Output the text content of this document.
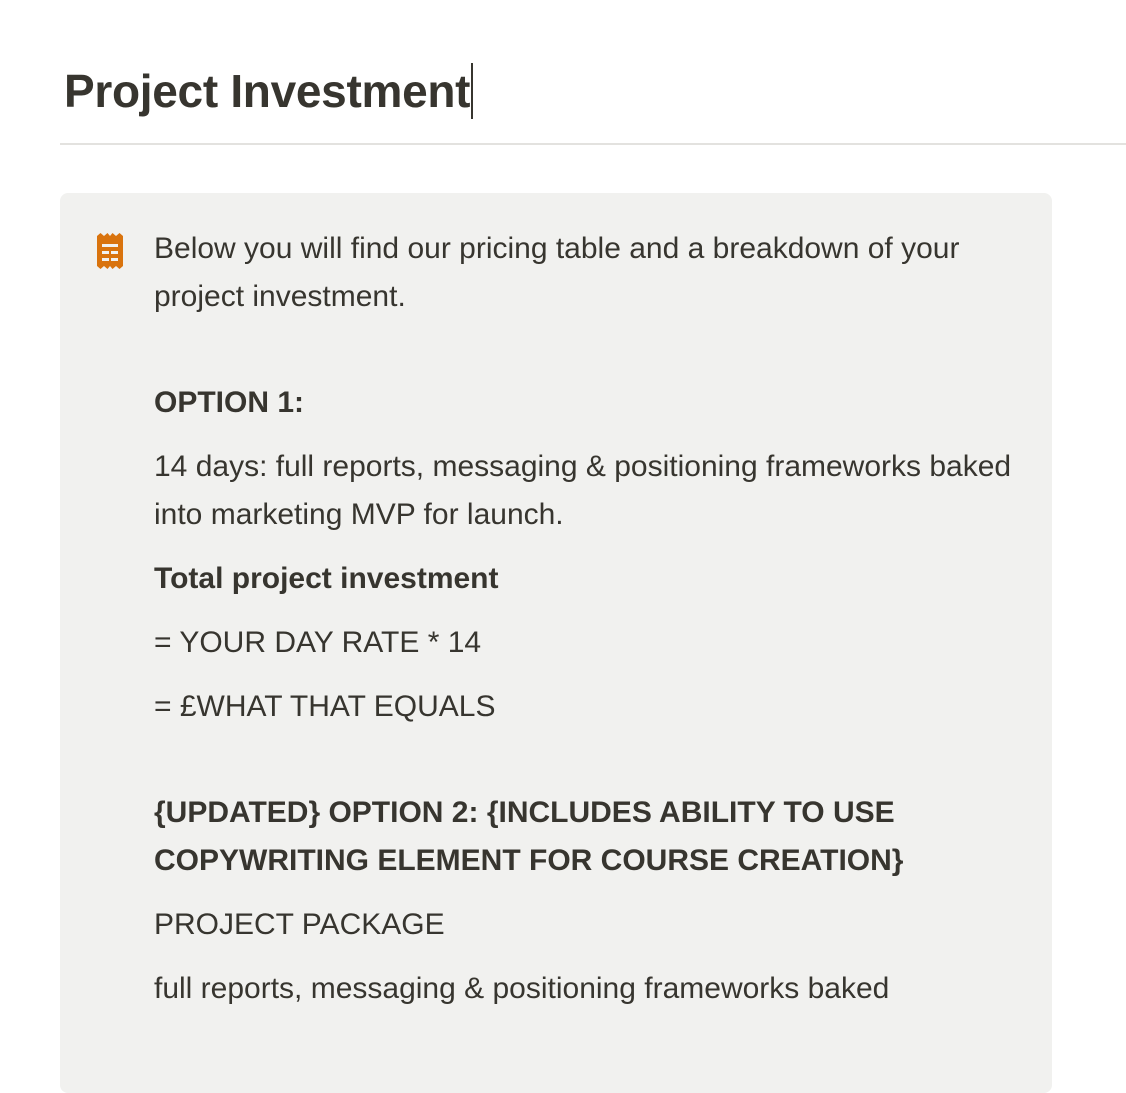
Project Investment

Below you will find our pricing table and a breakdown of your project investment.

OPTION 1:

14 days: full reports, messaging & positioning frameworks baked into marketing MVP for launch.

Total project investment

= YOUR DAY RATE * 14

= £WHAT THAT EQUALS

{UPDATED} OPTION 2: {INCLUDES ABILITY TO USE COPYWRITING ELEMENT FOR COURSE CREATION}

PROJECT PACKAGE

full reports, messaging & positioning frameworks baked
